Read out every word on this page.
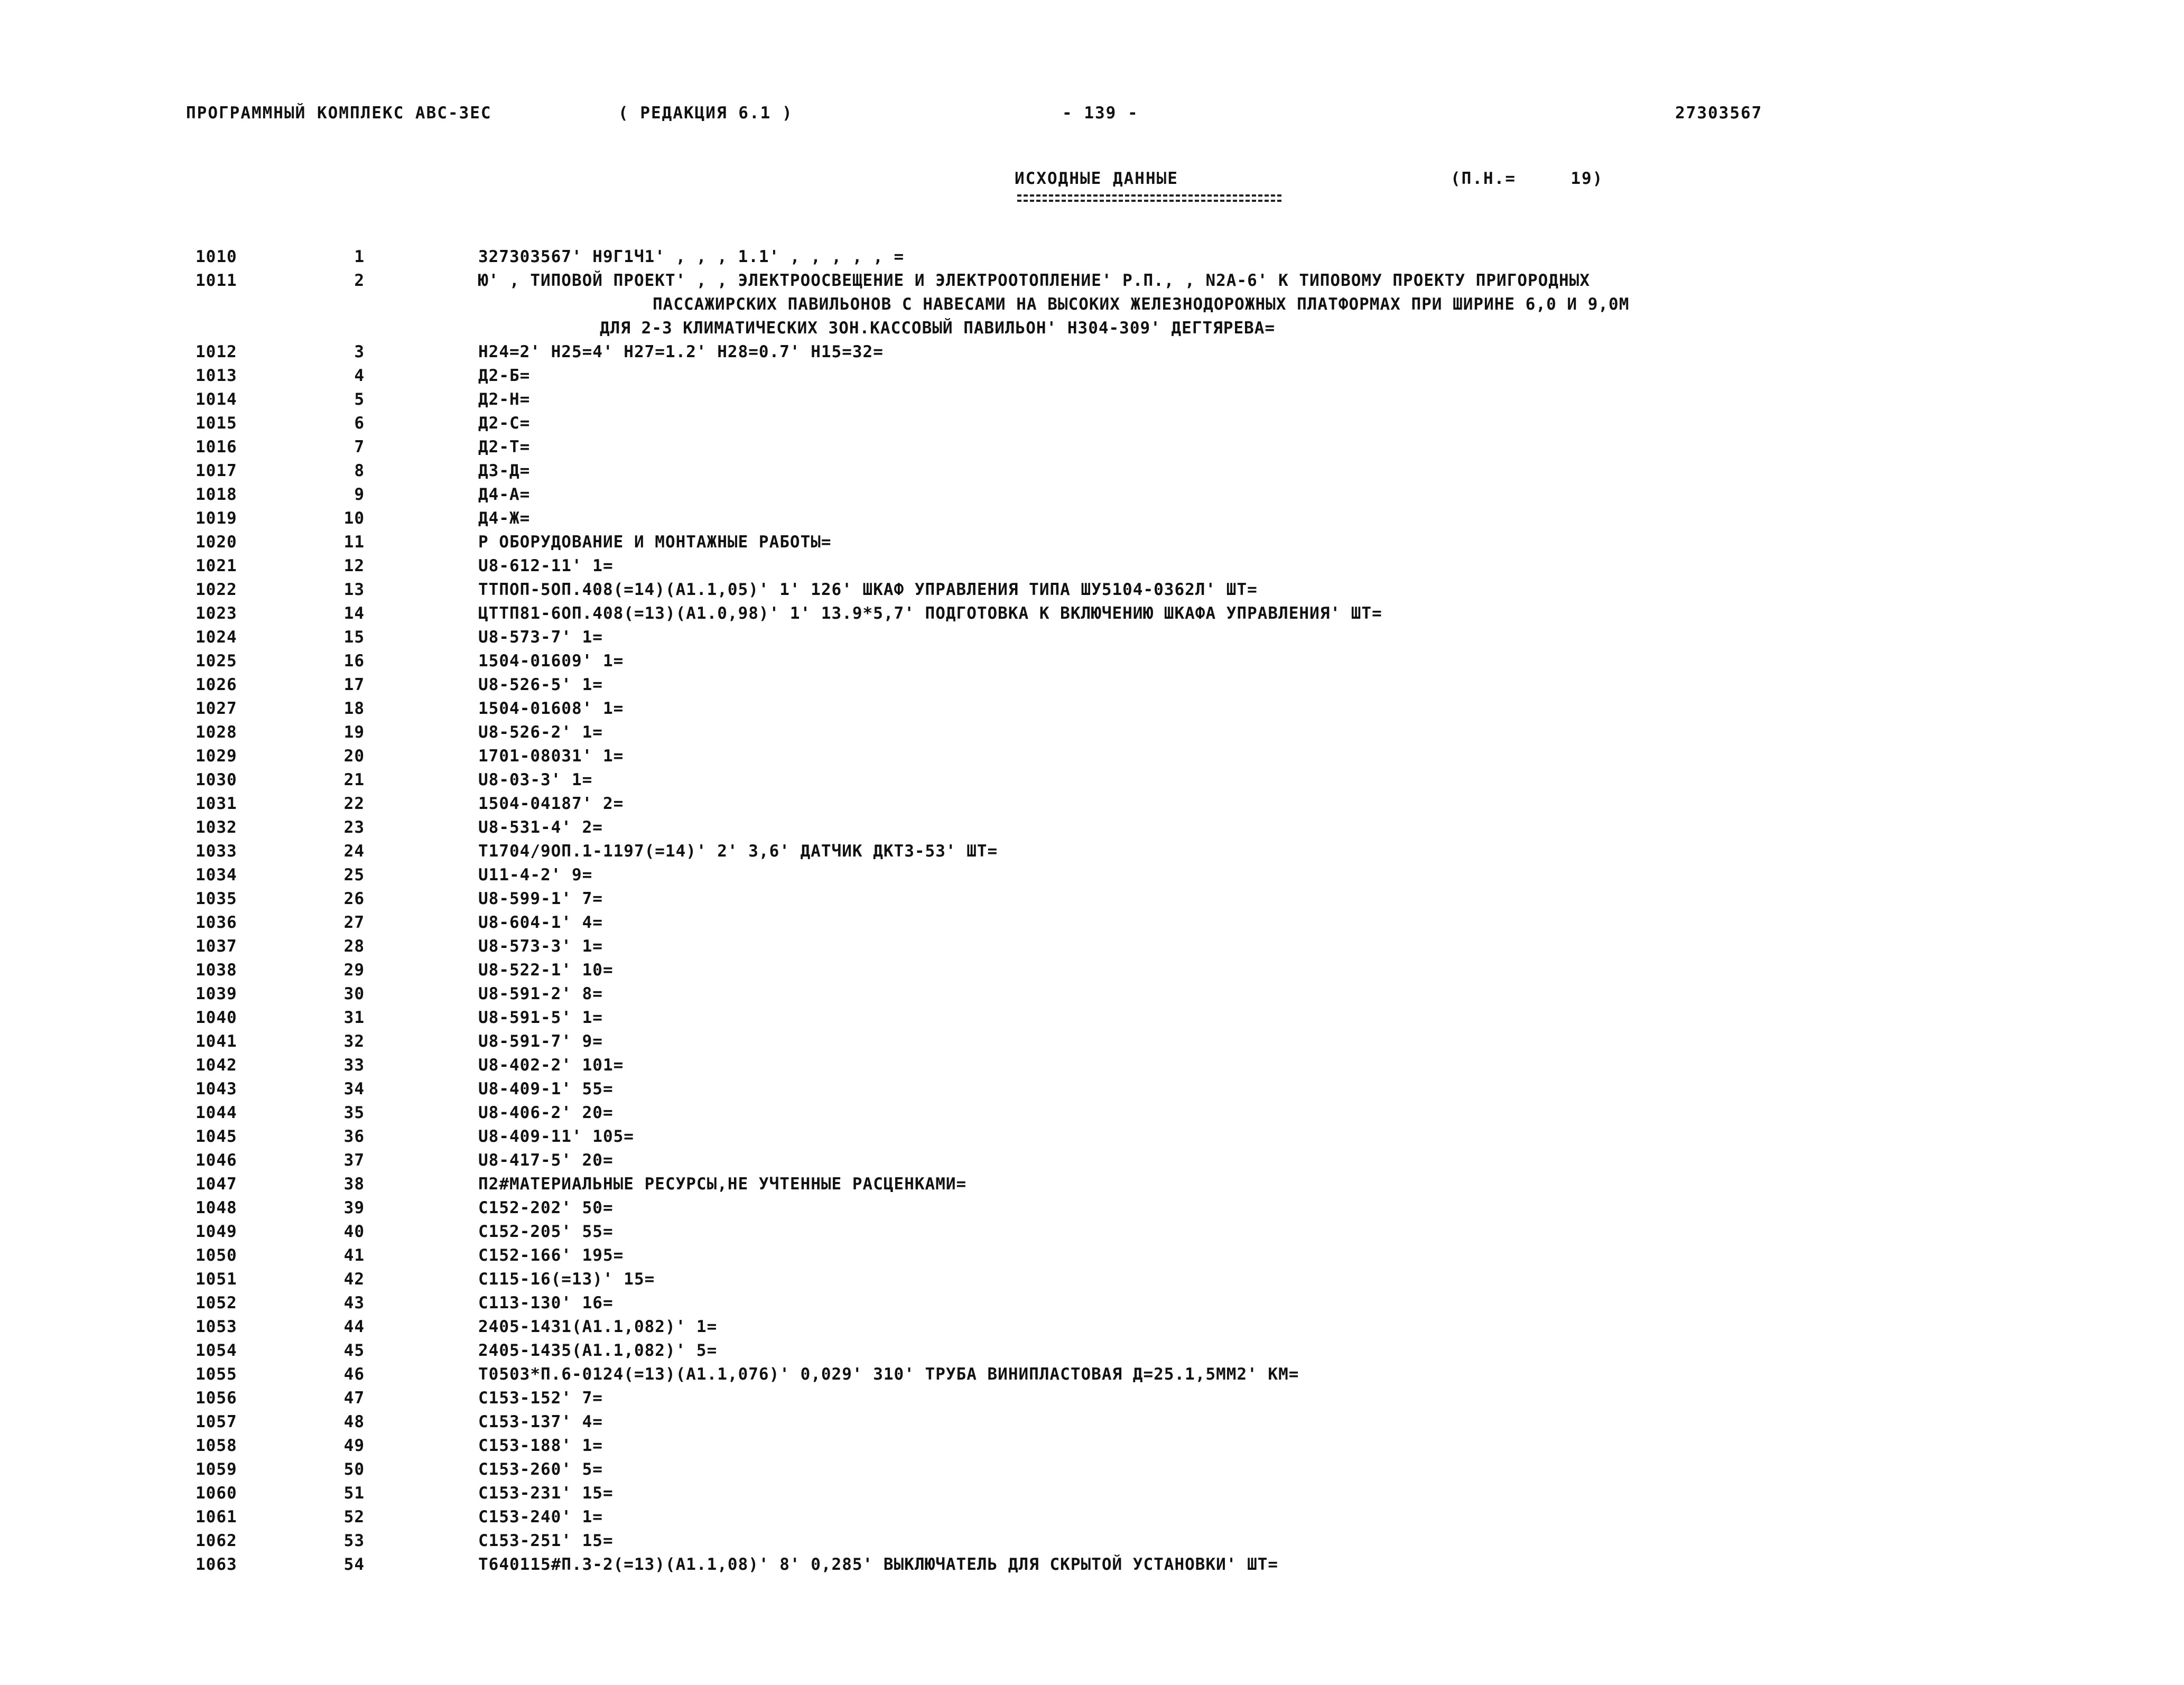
ПРОГРАММНЫЙ КОМПЛЕКС АВС-3ЕС	( РЕДАКЦИЯ 6.1 )	- 139 -	27303567
ИСХОДНЫЕ ДАННЫЕ	(П.Н.=	19)
1010	1	327303567' Н9Г1Ч1' , , , 1.1' , , , , , =
1011	2	Ю' , ТИПОВОЙ ПРОЕКТ' , , ЭЛЕКТРООСВЕЩЕНИЕ И ЭЛЕКТРООТОПЛЕНИЕ' Р.П., , N2А-6' К ТИПОВОМУ ПРОЕКТУ ПРИГОРОДНЫХ
ПАССАЖИРСКИХ ПАВИЛЬОНОВ С НАВЕСАМИ НА ВЫСОКИХ ЖЕЛЕЗНОДОРОЖНЫХ ПЛАТФОРМАХ ПРИ ШИРИНЕ 6,0 И 9,0М
ДЛЯ 2-3 КЛИМАТИЧЕСКИХ ЗОН.КАССОВЫЙ ПАВИЛЬОН' Н304-309' ДЕГТЯРЕВА=
1012	3	Н24=2' Н25=4' Н27=1.2' Н28=0.7' Н15=32=
1013	4	Д2-Б=
1014	5	Д2-Н=
1015	6	Д2-С=
1016	7	Д2-Т=
1017	8	Д3-Д=
1018	9	Д4-А=
1019	10	Д4-Ж=
1020	11	Р ОБОРУДОВАНИЕ И МОНТАЖНЫЕ РАБОТЫ=
1021	12	U8-612-11' 1=
1022	13	ТТПОП-5ОП.408(=14)(А1.1,05)' 1' 126' ШКАФ УПРАВЛЕНИЯ ТИПА ШУ5104-0362Л' ШТ=
1023	14	ЦТТП81-6ОП.408(=13)(А1.0,98)' 1' 13.9*5,7' ПОДГОТОВКА К ВКЛЮЧЕНИЮ ШКАФА УПРАВЛЕНИЯ' ШТ=
1024	15	U8-573-7' 1=
1025	16	1504-01609' 1=
1026	17	U8-526-5' 1=
1027	18	1504-01608' 1=
1028	19	U8-526-2' 1=
1029	20	1701-08031' 1=
1030	21	U8-03-3' 1=
1031	22	1504-04187' 2=
1032	23	U8-531-4' 2=
1033	24	Т1704/9ОП.1-1197(=14)' 2' 3,6' ДАТЧИК ДКТ3-53' ШТ=
1034	25	U11-4-2' 9=
1035	26	U8-599-1' 7=
1036	27	U8-604-1' 4=
1037	28	U8-573-3' 1=
1038	29	U8-522-1' 10=
1039	30	U8-591-2' 8=
1040	31	U8-591-5' 1=
1041	32	U8-591-7' 9=
1042	33	U8-402-2' 101=
1043	34	U8-409-1' 55=
1044	35	U8-406-2' 20=
1045	36	U8-409-11' 105=
1046	37	U8-417-5' 20=
1047	38	П2#МАТЕРИАЛЬНЫЕ РЕСУРСЫ,НЕ УЧТЕННЫЕ РАСЦЕНКАМИ=
1048	39	С152-202' 50=
1049	40	С152-205' 55=
1050	41	С152-166' 195=
1051	42	С115-16(=13)' 15=
1052	43	С113-130' 16=
1053	44	2405-1431(А1.1,082)' 1=
1054	45	2405-1435(А1.1,082)' 5=
1055	46	Т0503*П.6-0124(=13)(А1.1,076)' 0,029' 310' ТРУБА ВИНИПЛАСТОВАЯ Д=25.1,5ММ2' КМ=
1056	47	С153-152' 7=
1057	48	С153-137' 4=
1058	49	С153-188' 1=
1059	50	С153-260' 5=
1060	51	С153-231' 15=
1061	52	С153-240' 1=
1062	53	С153-251' 15=
1063	54	Т640115#П.3-2(=13)(А1.1,08)' 8' 0,285' ВЫКЛЮЧАТЕЛЬ ДЛЯ СКРЫТОЙ УСТАНОВКИ' ШТ=
